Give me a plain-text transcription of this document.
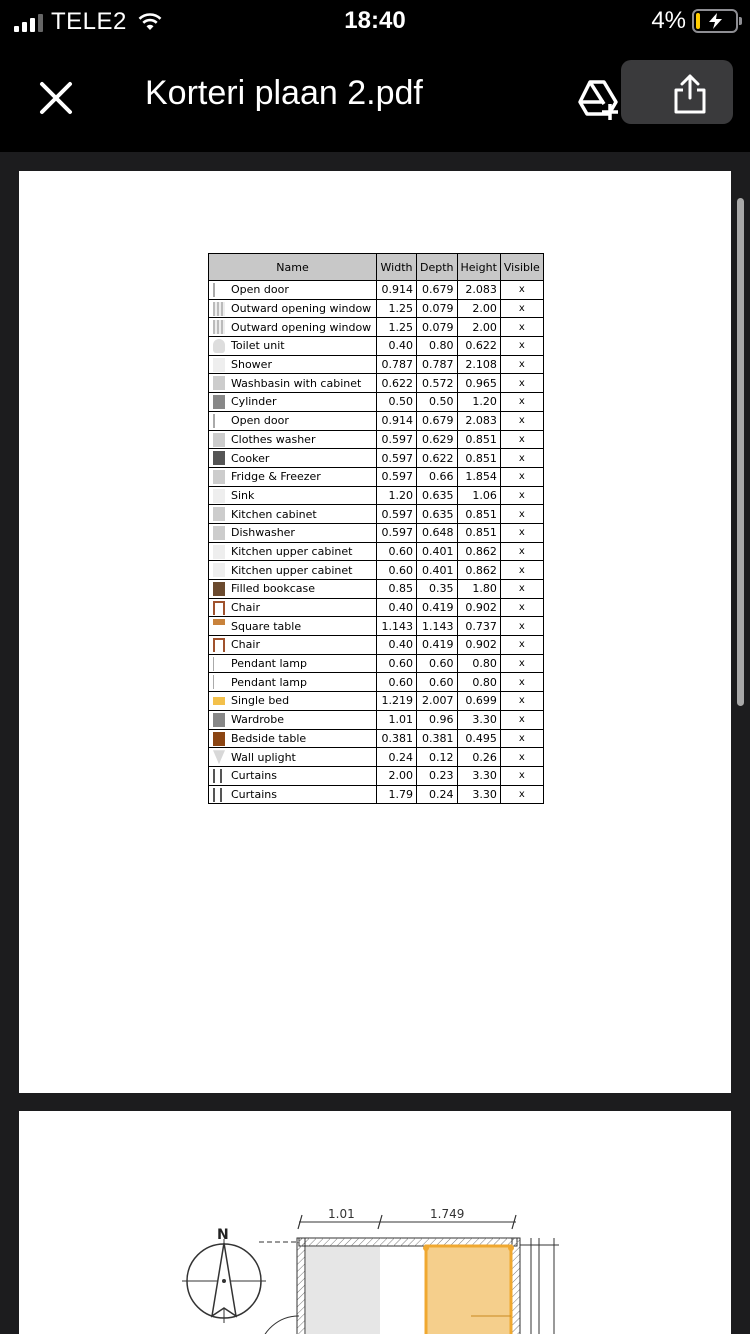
TELE2	18:40	4%
Korteri plaan 2.pdf
Name	Width	Depth	Height	Visible

Open door	0.914	0.679	2.083	x

Outward opening window	1.25	0.079	2.00	x

Outward opening window	1.25	0.079	2.00	x

Toilet unit	0.40	0.80	0.622	x

Shower	0.787	0.787	2.108	x

Washbasin with cabinet	0.622	0.572	0.965	x

Cylinder	0.50	0.50	1.20	x

Open door	0.914	0.679	2.083	x

Clothes washer	0.597	0.629	0.851	x

Cooker	0.597	0.622	0.851	x

Fridge & Freezer	0.597	0.66	1.854	x

Sink	1.20	0.635	1.06	x

Kitchen cabinet	0.597	0.635	0.851	x

Dishwasher	0.597	0.648	0.851	x

Kitchen upper cabinet	0.60	0.401	0.862	x

Kitchen upper cabinet	0.60	0.401	0.862	x

Filled bookcase	0.85	0.35	1.80	x

Chair	0.40	0.419	0.902	x

Square table	1.143	1.143	0.737	x

Chair	0.40	0.419	0.902	x

Pendant lamp	0.60	0.60	0.80	x

Pendant lamp	0.60	0.60	0.80	x

Single bed	1.219	2.007	0.699	x

Wardrobe	1.01	0.96	3.30	x

Bedside table	0.381	0.381	0.495	x

Wall uplight	0.24	0.12	0.26	x

Curtains	2.00	0.23	3.30	x

Curtains	1.79	0.24	3.30	x
1.01	1.749
N
